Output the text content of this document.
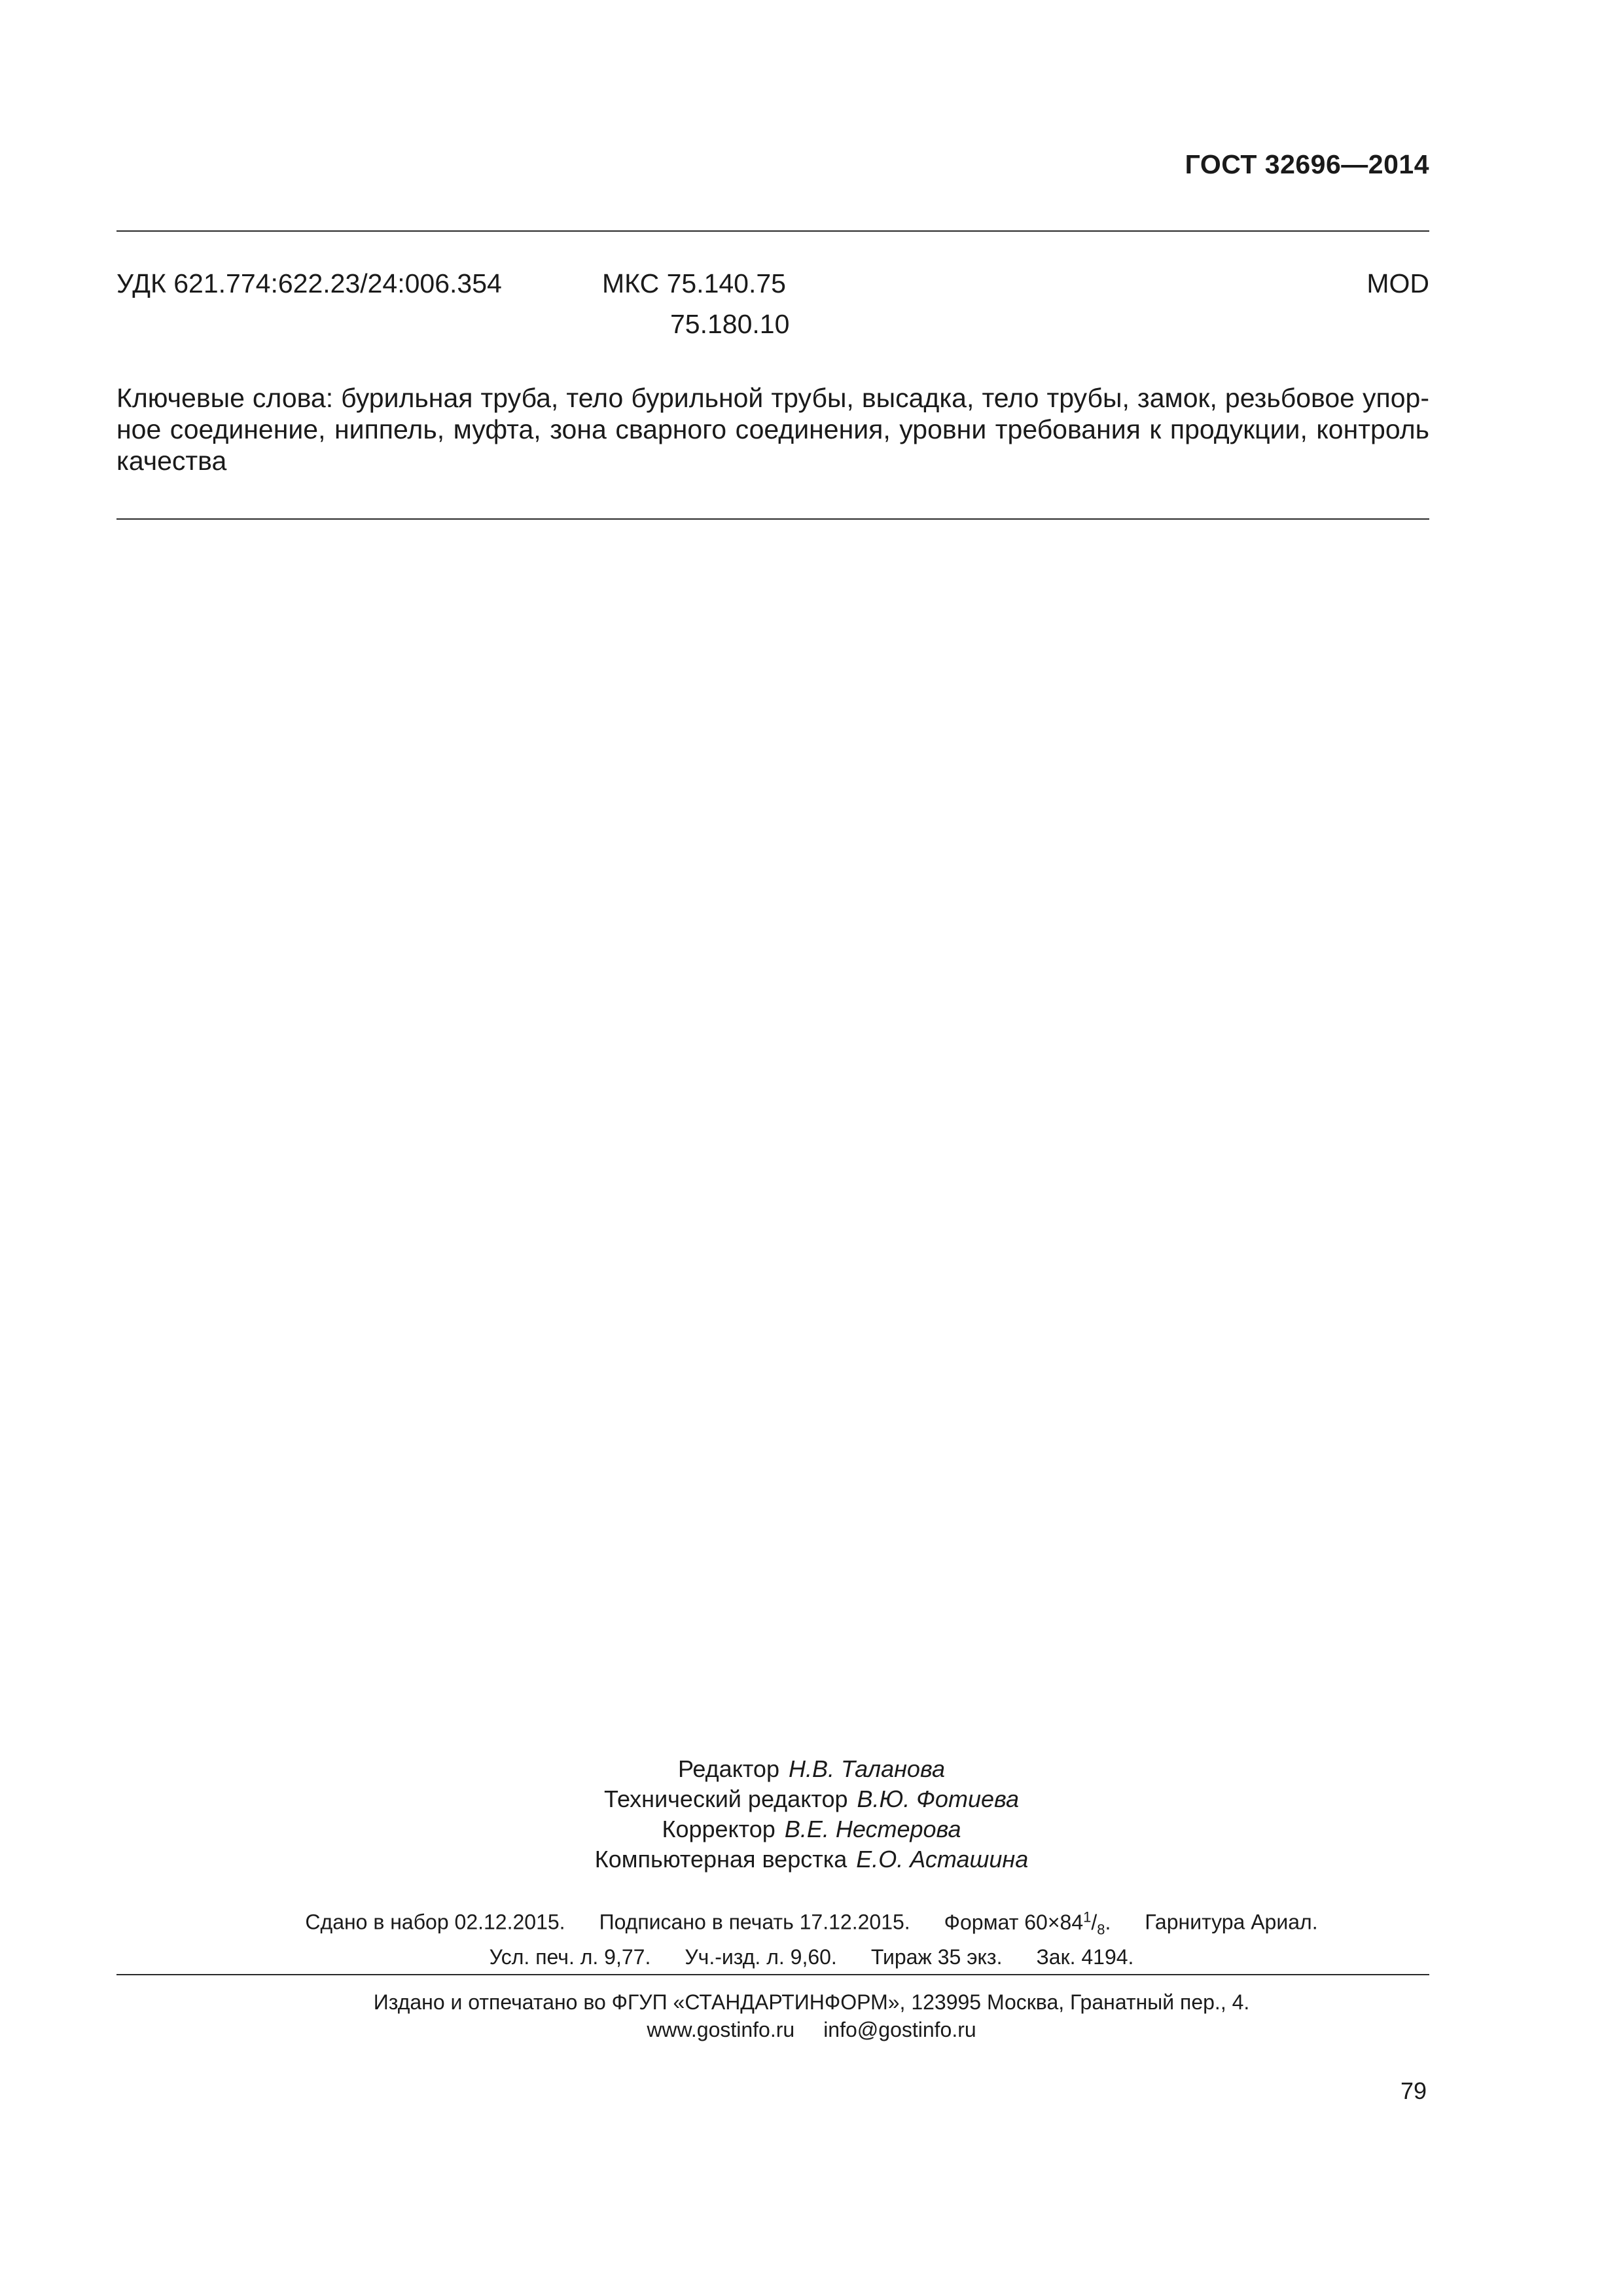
ГОСТ 32696—2014
УДК 621.774:622.23/24:006.354	МКС 75.140.75
75.180.10
MOD
Ключевые слова: бурильная труба, тело бурильной трубы, высадка, тело трубы, замок, резьбовое упор-
ное соединение, ниппель, муфта, зона сварного соединения, уровни требования к продукции, контроль
качества
Редактор Н.В. Таланова
Технический редактор В.Ю. Фотиева
Корректор В.Е. Нестерова
Компьютерная верстка Е.О. Асташина
Сдано в набор 02.12.2015. Подписано в печать 17.12.2015. Формат $60\times 84^1/_8$. Гарнитура Ариал.
Усл. печ. л. 9,77. Уч.-изд. л. 9,60. Тираж 35 экз. Зак. 4194.
Издано и отпечатано во ФГУП «СТАНДАРТИНФОРМ», 123995 Москва, Гранатный пер., 4.
www.gostinfo.ru info@gostinfo.ru
79
